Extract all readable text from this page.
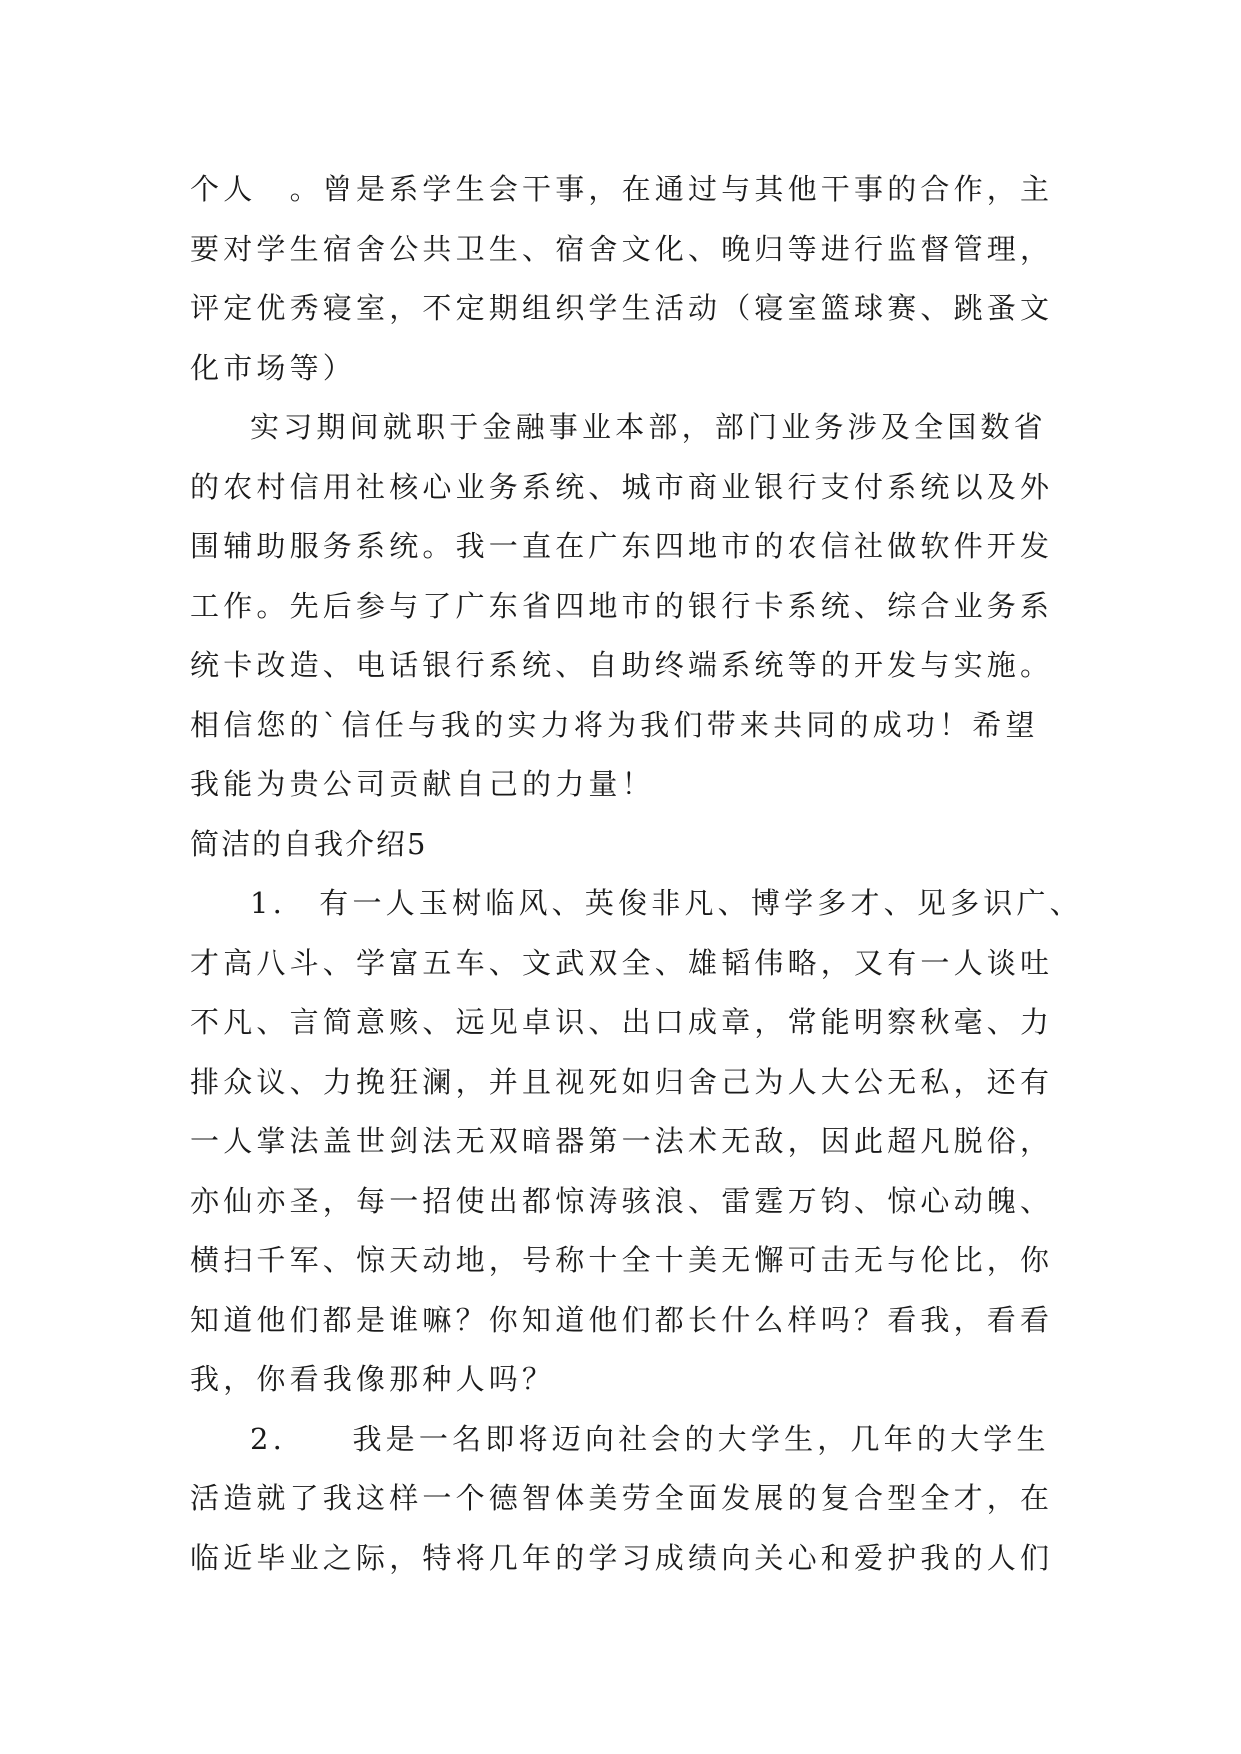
个人　。曾是系学生会干事，在通过与其他干事的合作，主
要对学生宿舍公共卫生、宿舍文化、晚归等进行监督管理，
评定优秀寝室，不定期组织学生活动（寝室篮球赛、跳蚤文
化市场等）
实习期间就职于金融事业本部，部门业务涉及全国数省
的农村信用社核心业务系统、城市商业银行支付系统以及外
围辅助服务系统。我一直在广东四地市的农信社做软件开发
工作。先后参与了广东省四地市的银行卡系统、综合业务系
统卡改造、电话银行系统、自助终端系统等的开发与实施。
相信您的`信任与我的实力将为我们带来共同的成功！希望
我能为贵公司贡献自己的力量！
简洁的自我介绍5
1.　有一人玉树临风、英俊非凡、博学多才、见多识广、
才高八斗、学富五车、文武双全、雄韬伟略，又有一人谈吐
不凡、言简意赅、远见卓识、出口成章，常能明察秋毫、力
排众议、力挽狂澜，并且视死如归舍己为人大公无私，还有
一人掌法盖世剑法无双暗器第一法术无敌，因此超凡脱俗，
亦仙亦圣，每一招使出都惊涛骇浪、雷霆万钧、惊心动魄、
横扫千军、惊天动地，号称十全十美无懈可击无与伦比，你
知道他们都是谁嘛？你知道他们都长什么样吗？看我，看看
我，你看我像那种人吗？
2.　　我是一名即将迈向社会的大学生，几年的大学生
活造就了我这样一个德智体美劳全面发展的复合型全才，在
临近毕业之际，特将几年的学习成绩向关心和爱护我的人们
